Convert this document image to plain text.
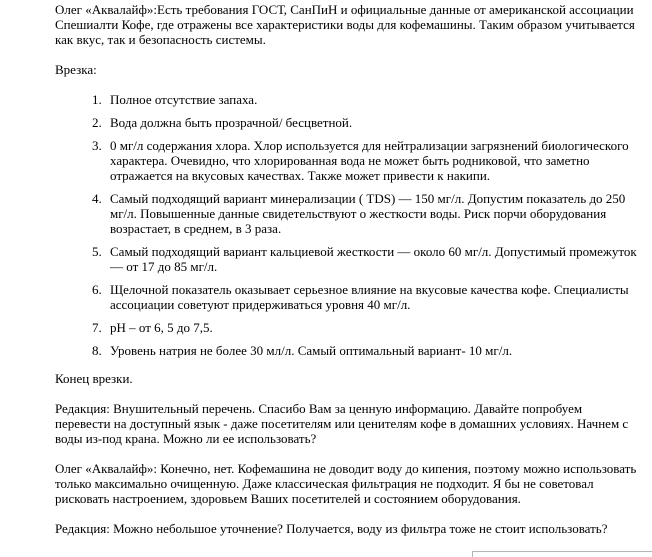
Олег «Аквалайф»:Есть требования ГОСТ, СанПиН и официальные данные от американской ассоциации Спешиалти Кофе, где отражены все характеристики воды для кофемашины. Таким образом учитывается как вкус, так и безопасность системы.

Врезка:

1. Полное отсутствие запаха.
2. Вода должна быть прозрачной/ бесцветной.
3. 0 мг/л содержания хлора. Хлор используется для нейтрализации загрязнений биологического характера. Очевидно, что хлорированная вода не может быть родниковой, что заметно отражается на вкусовых качествах. Также может привести к накипи.
4. Самый подходящий вариант минерализации ( TDS) — 150 мг/л. Допустим показатель до 250 мг/л. Повышенные данные свидетельствуют о жесткости воды. Риск порчи оборудования возрастает, в среднем, в 3 раза.
5. Самый подходящий вариант кальциевой жесткости — около 60 мг/л. Допустимый промежуток — от 17 до 85 мг/л.
6. Щелочной показатель оказывает серьезное влияние на вкусовые качества кофе. Специалисты ассоциации советуют придерживаться уровня 40 мг/л.
7. pH – от 6, 5 до 7,5.
8. Уровень натрия не более 30 мл/л. Самый оптимальный вариант- 10 мг/л.

Конец врезки.

Редакция: Внушительный перечень. Спасибо Вам за ценную информацию. Давайте попробуем перевести на доступный язык - даже посетителям или ценителям кофе в домашних условиях. Начнем с воды из-под крана. Можно ли ее использовать?

Олег «Аквалайф»: Конечно, нет. Кофемашина не доводит воду до кипения, поэтому можно использовать только максимально очищенную. Даже классическая фильтрация не подходит. Я бы не советовал рисковать настроением, здоровьем Ваших посетителей и состоянием оборудования.

Редакция: Можно небольшое уточнение? Получается, воду из фильтра тоже не стоит использовать?
